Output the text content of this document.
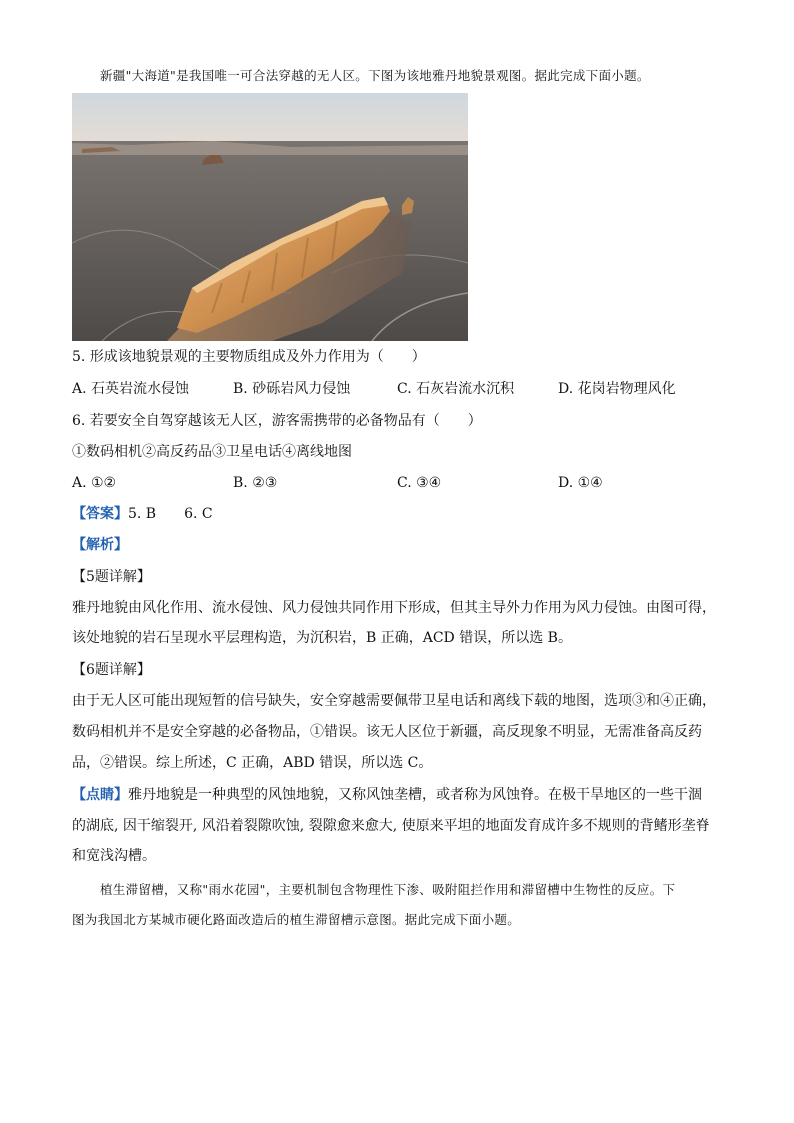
新疆"大海道"是我国唯一可合法穿越的无人区。下图为该地雅丹地貌景观图。据此完成下面小题。
5. 形成该地貌景观的主要物质组成及外力作用为（　　）
A. 石英岩流水侵蚀	B. 砂砾岩风力侵蚀	C. 石灰岩流水沉积	D. 花岗岩物理风化
6. 若要安全自驾穿越该无人区，游客需携带的必备物品有（　　）
①数码相机②高反药品③卫星电话④离线地图
A. ①②	B. ②③	C. ③④	D. ①④
【答案】5. B　　6. C
【解析】
【5题详解】
雅丹地貌由风化作用、流水侵蚀、风力侵蚀共同作用下形成，但其主导外力作用为风力侵蚀。由图可得，
该处地貌的岩石呈现水平层理构造，为沉积岩，B 正确，ACD 错误，所以选 B。
【6题详解】
由于无人区可能出现短暂的信号缺失，安全穿越需要佩带卫星电话和离线下载的地图，选项③和④正确，
数码相机并不是安全穿越的必备物品，①错误。该无人区位于新疆，高反现象不明显，无需准备高反药
品，②错误。综上所述，C 正确，ABD 错误，所以选 C。
【点睛】雅丹地貌是一种典型的风蚀地貌，又称风蚀垄槽，或者称为风蚀脊。在极干旱地区的一些干涸
的湖底, 因干缩裂开, 风沿着裂隙吹蚀, 裂隙愈来愈大, 使原来平坦的地面发育成许多不规则的背鳍形垄脊
和宽浅沟槽。
植生滞留槽，又称"雨水花园"，主要机制包含物理性下渗、吸附阻拦作用和滞留槽中生物性的反应。下
图为我国北方某城市硬化路面改造后的植生滞留槽示意图。据此完成下面小题。
